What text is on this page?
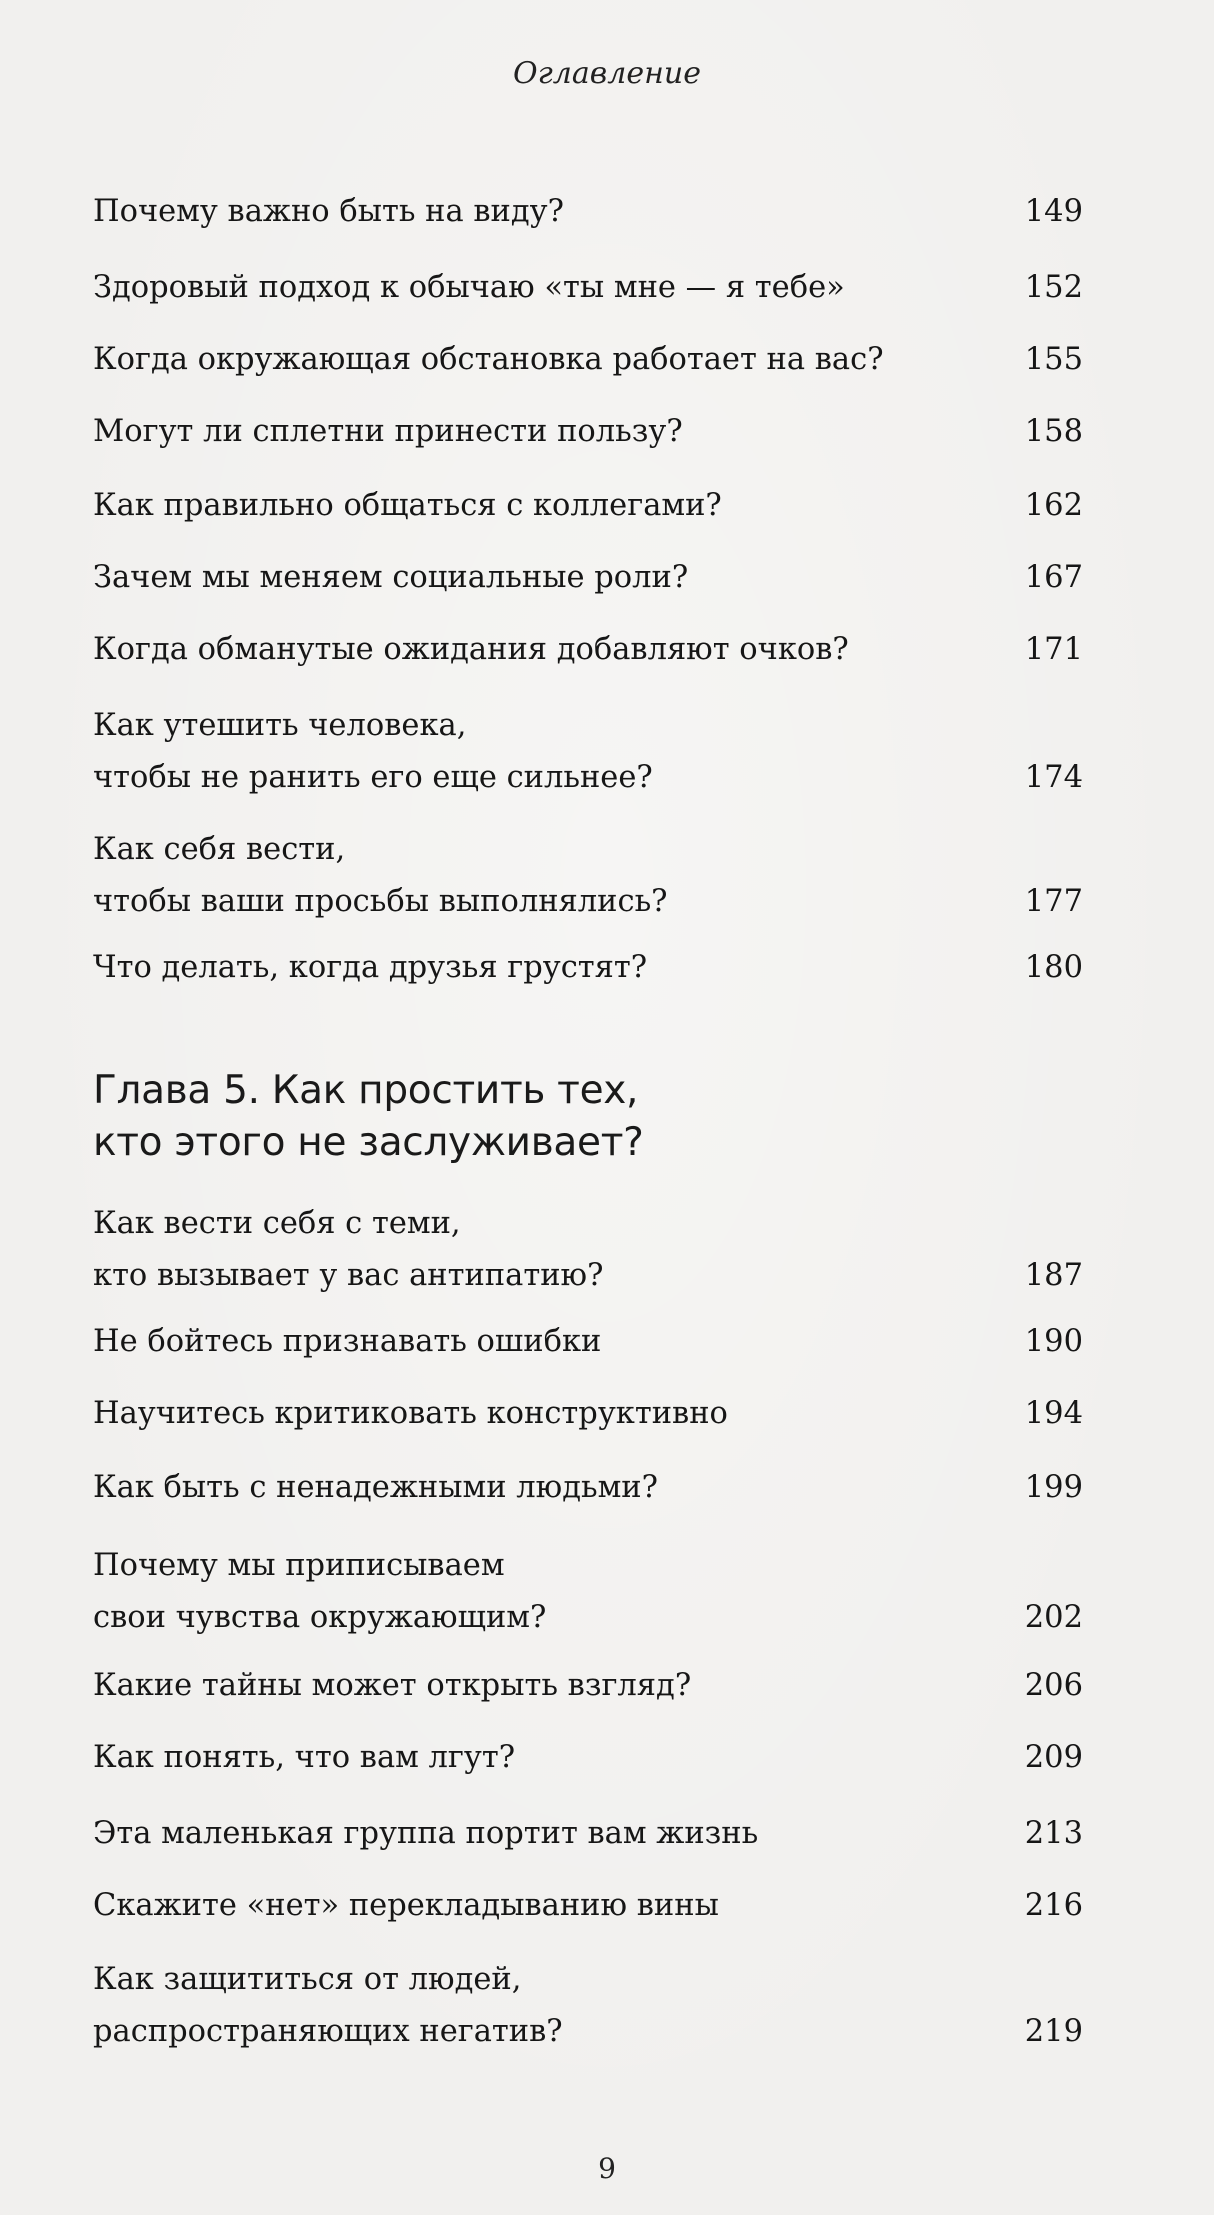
Оглавление
Почему важно быть на виду?	149
Здоровый подход к обычаю «ты мне — я тебе»	152
Когда окружающая обстановка работает на вас?	155
Могут ли сплетни принести пользу?	158
Как правильно общаться с коллегами?	162
Зачем мы меняем социальные роли?	167
Когда обманутые ожидания добавляют очков?	171
Как утешить человека,
чтобы не ранить его еще сильнее?	174
Как себя вести,
чтобы ваши просьбы выполнялись?	177
Что делать, когда друзья грустят?	180
Глава 5. Как простить тех,
кто этого не заслуживает?
Как вести себя с теми,
кто вызывает у вас антипатию?	187
Не бойтесь признавать ошибки	190
Научитесь критиковать конструктивно	194
Как быть с ненадежными людьми?	199
Почему мы приписываем
свои чувства окружающим?	202
Какие тайны может открыть взгляд?	206
Как понять, что вам лгут?	209
Эта маленькая группа портит вам жизнь	213
Скажите «нет» перекладыванию вины	216
Как защититься от людей,
распространяющих негатив?	219
9
